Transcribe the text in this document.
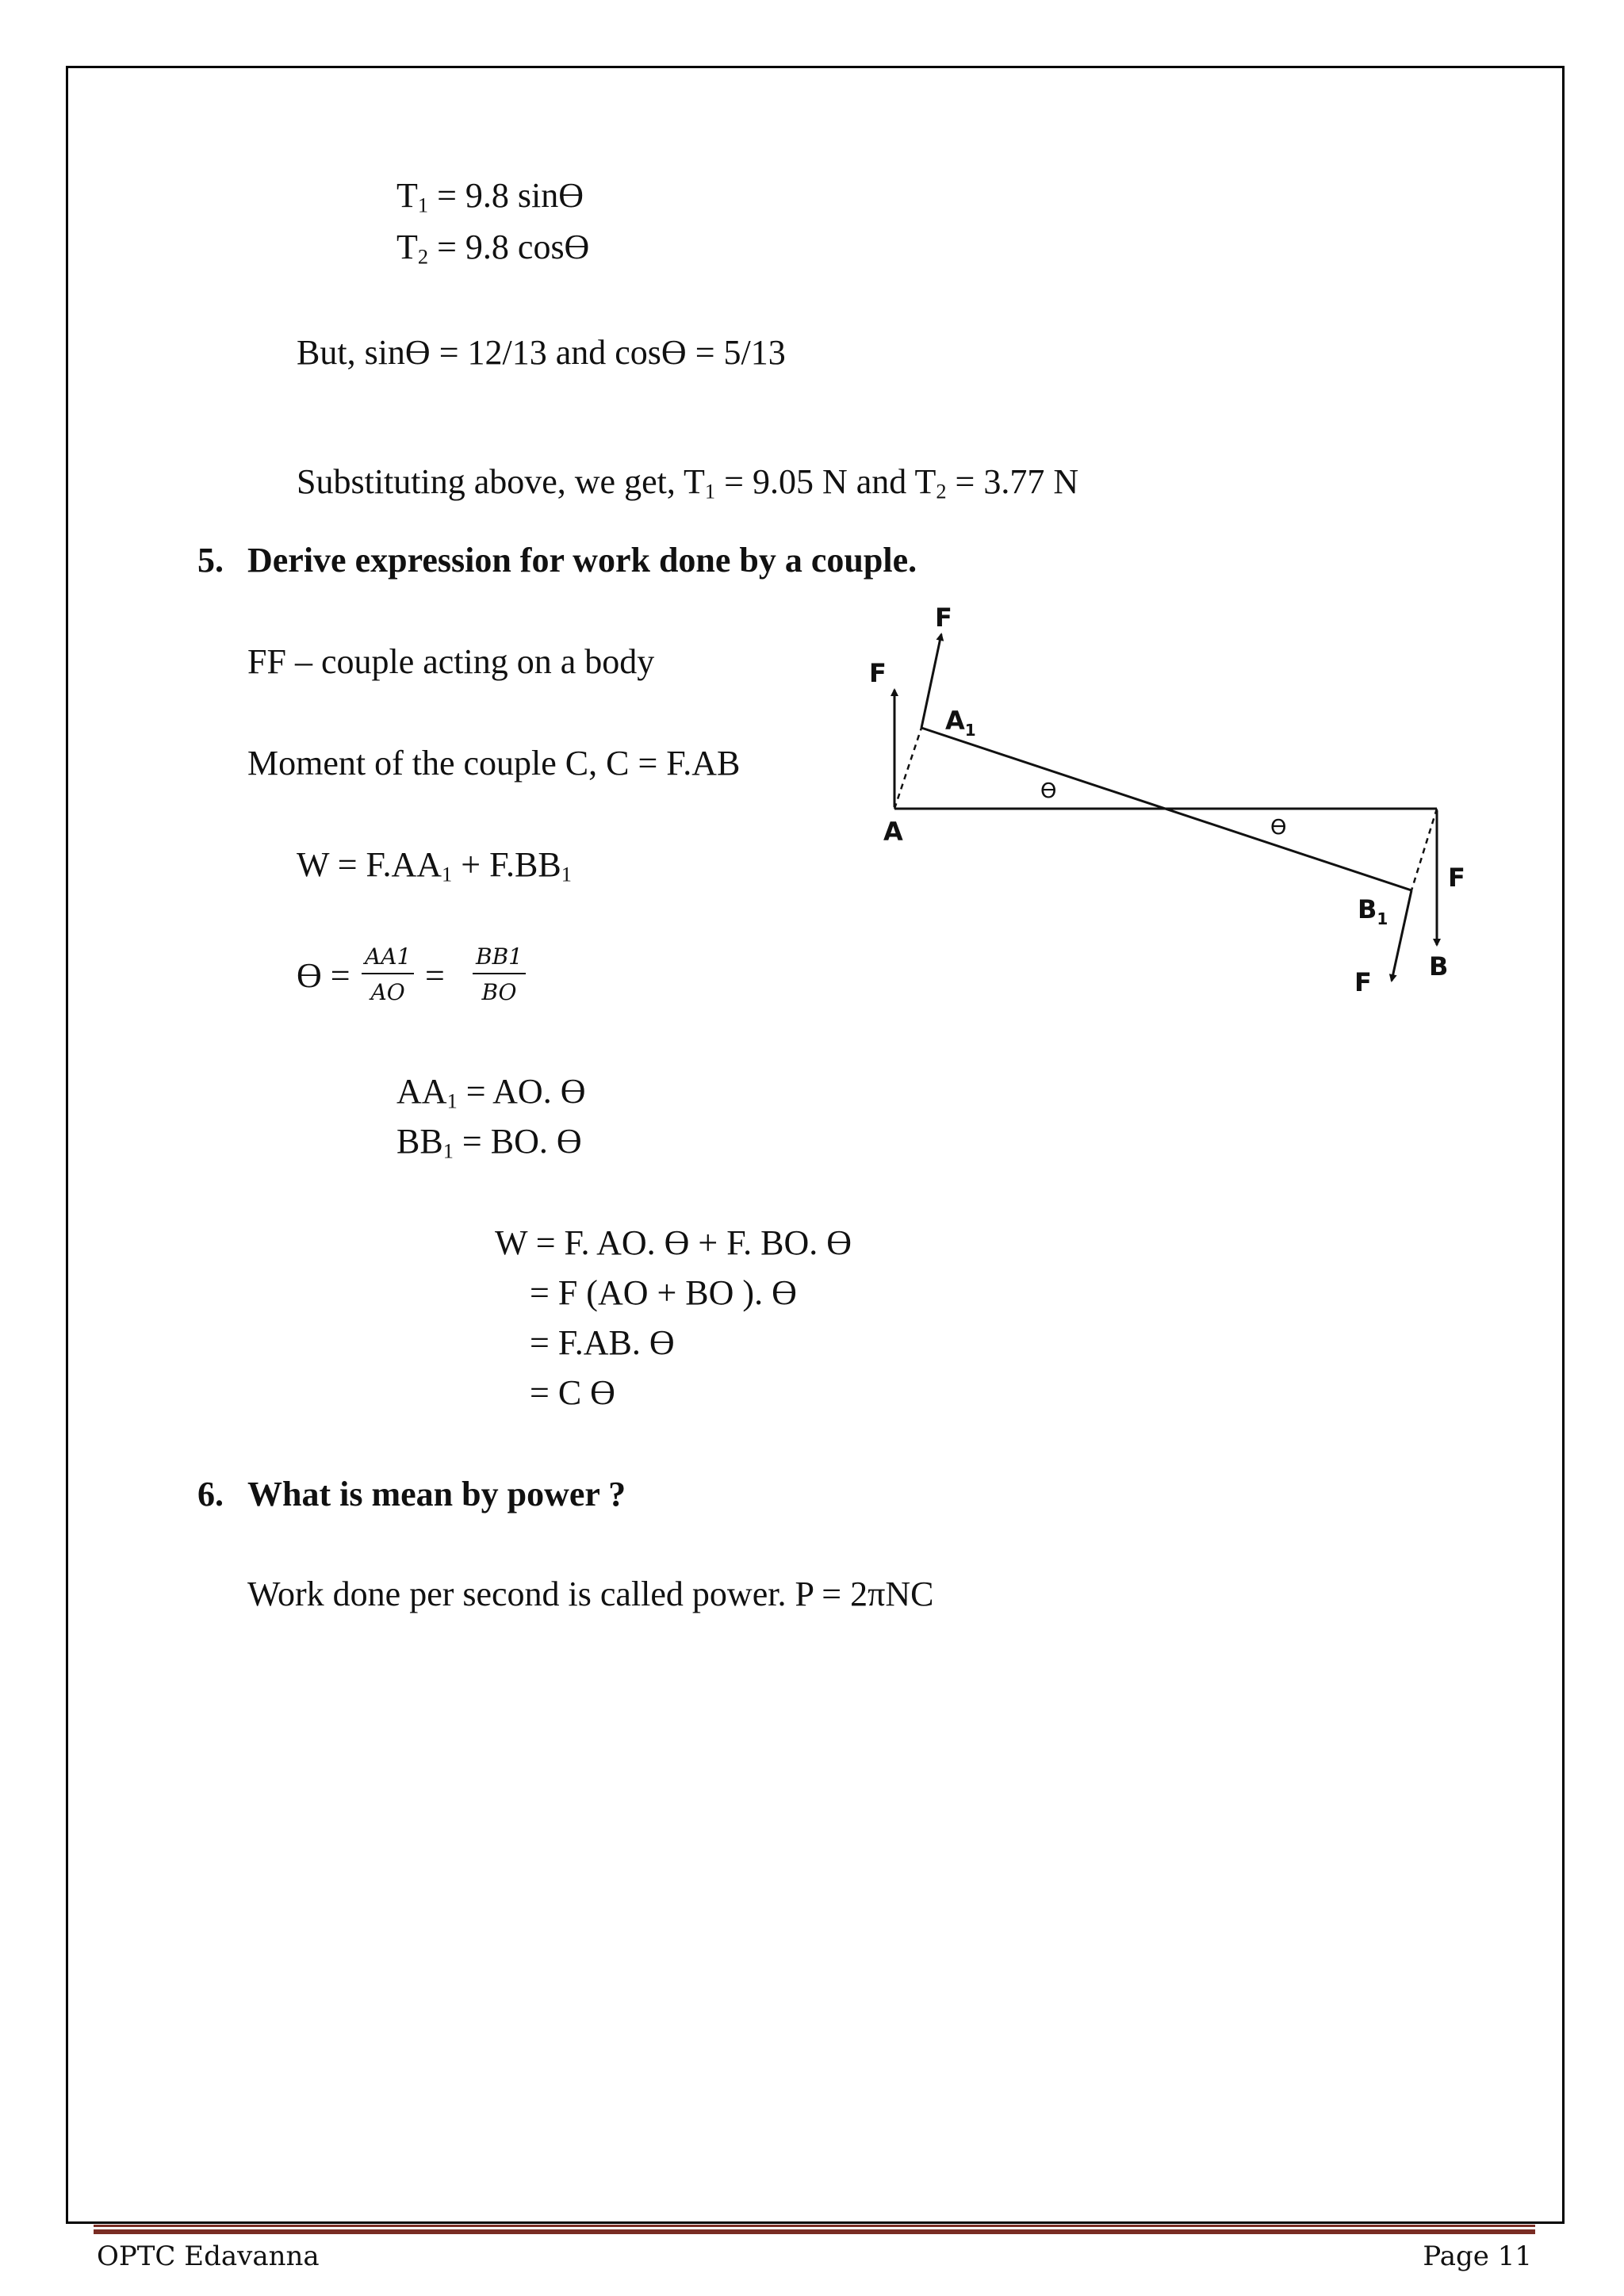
$T_1 = 9.8$ sinϴ
$T_2 = 9.8$ cosϴ
But, sinϴ = 12/13 and cosϴ = 5/13
Substituting above, we get, $T_1 = 9.05$ N and $T_2 = 3.77$ N
5. Derive expression for work done by a couple.
FF – couple acting on a body
Moment of the couple C, C = F.AB
$W = F.AA_1 + F.BB_1$
$ϴ = \frac{AA1}{AO} = \frac{BB1}{BO}$
$AA_1$ = AO. ϴ
$BB_1$ = BO. ϴ
W = F. AO. ϴ + F. BO. ϴ
= F (AO + BO ). ϴ
= F.AB. ϴ
= C ϴ
F
F
$A_1$
A
ϴ
ϴ
F
$B_1$
B
F
6. What is mean by power ?
Work done per second is called power. P = 2πNC
OPTC Edavanna	Page 11
